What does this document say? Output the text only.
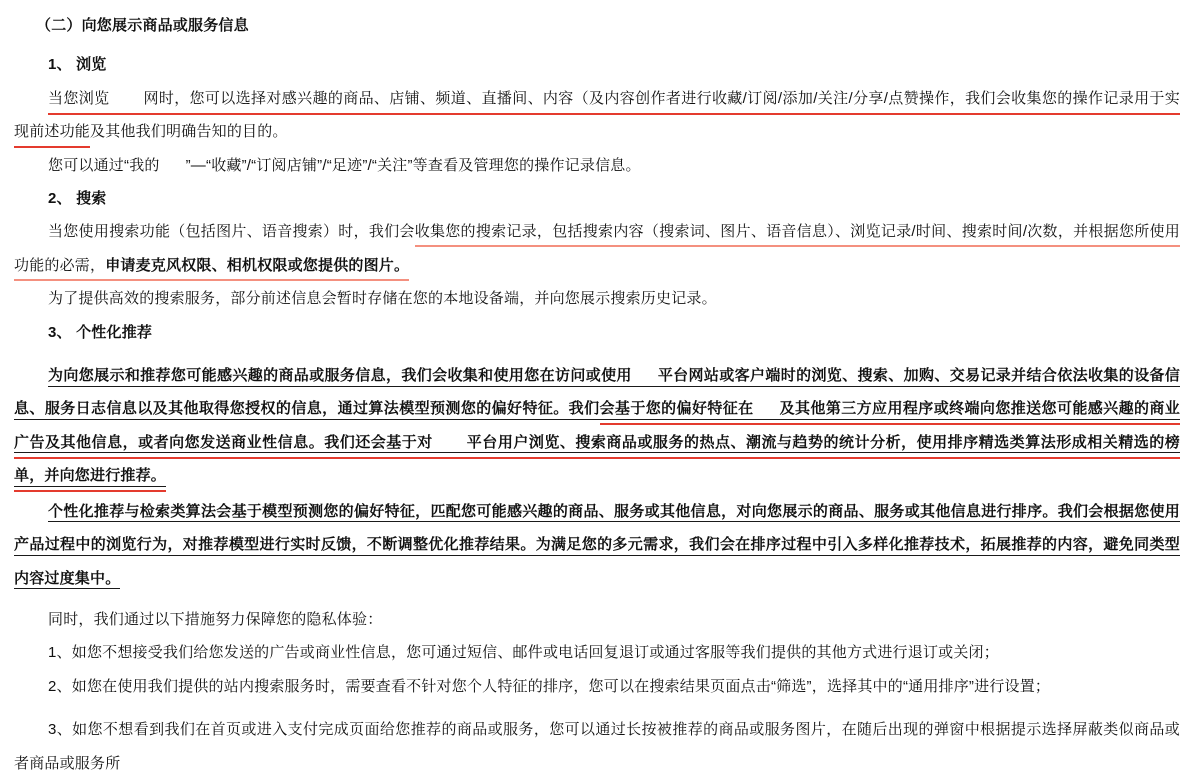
（二）向您展示商品或服务信息

1、 浏览

当您浏览 网时，您可以选择对感兴趣的商品、店铺、频道、直播间、内容（及内容创作者进行收藏/订阅/添加/关注/分享/点赞操作，我们会收集您的操作记录用于实现前述功能及其他我们明确告知的目的。

您可以通过“我的 ”—“收藏”/“订阅店铺”/“足迹”/“关注”等查看及管理您的操作记录信息。

2、 搜索

当您使用搜索功能（包括图片、语音搜索）时，我们会收集您的搜索记录，包括搜索内容（搜索词、图片、语音信息）、浏览记录/时间、搜索时间/次数，并根据您所使用功能的必需，申请麦克风权限、相机权限或您提供的图片。

为了提供高效的搜索服务，部分前述信息会暂时存储在您的本地设备端，并向您展示搜索历史记录。

3、 个性化推荐

为向您展示和推荐您可能感兴趣的商品或服务信息，我们会收集和使用您在访问或使用 平台网站或客户端时的浏览、搜索、加购、交易记录并结合依法收集的设备信息、服务日志信息以及其他取得您授权的信息，通过算法模型预测您的偏好特征。我们会基于您的偏好特征在 及其他第三方应用程序或终端向您推送您可能感兴趣的商业广告及其他信息，或者向您发送商业性信息。我们还会基于对 平台用户浏览、搜索商品或服务的热点、潮流与趋势的统计分析，使用排序精选类算法形成相关精选的榜单，并向您进行推荐。

个性化推荐与检索类算法会基于模型预测您的偏好特征，匹配您可能感兴趣的商品、服务或其他信息，对向您展示的商品、服务或其他信息进行排序。我们会根据您使用产品过程中的浏览行为，对推荐模型进行实时反馈，不断调整优化推荐结果。为满足您的多元需求，我们会在排序过程中引入多样化推荐技术，拓展推荐的内容，避免同类型内容过度集中。

同时，我们通过以下措施努力保障您的隐私体验：

1、如您不想接受我们给您发送的广告或商业性信息，您可通过短信、邮件或电话回复退订或通过客服等我们提供的其他方式进行退订或关闭；

2、如您在使用我们提供的站内搜索服务时，需要查看不针对您个人特征的排序，您可以在搜索结果页面点击“筛选”，选择其中的“通用排序”进行设置；

3、如您不想看到我们在首页或进入支付完成页面给您推荐的商品或服务，您可以通过长按被推荐的商品或服务图片，在随后出现的弹窗中根据提示选择屏蔽类似商品或者商品或服务所
